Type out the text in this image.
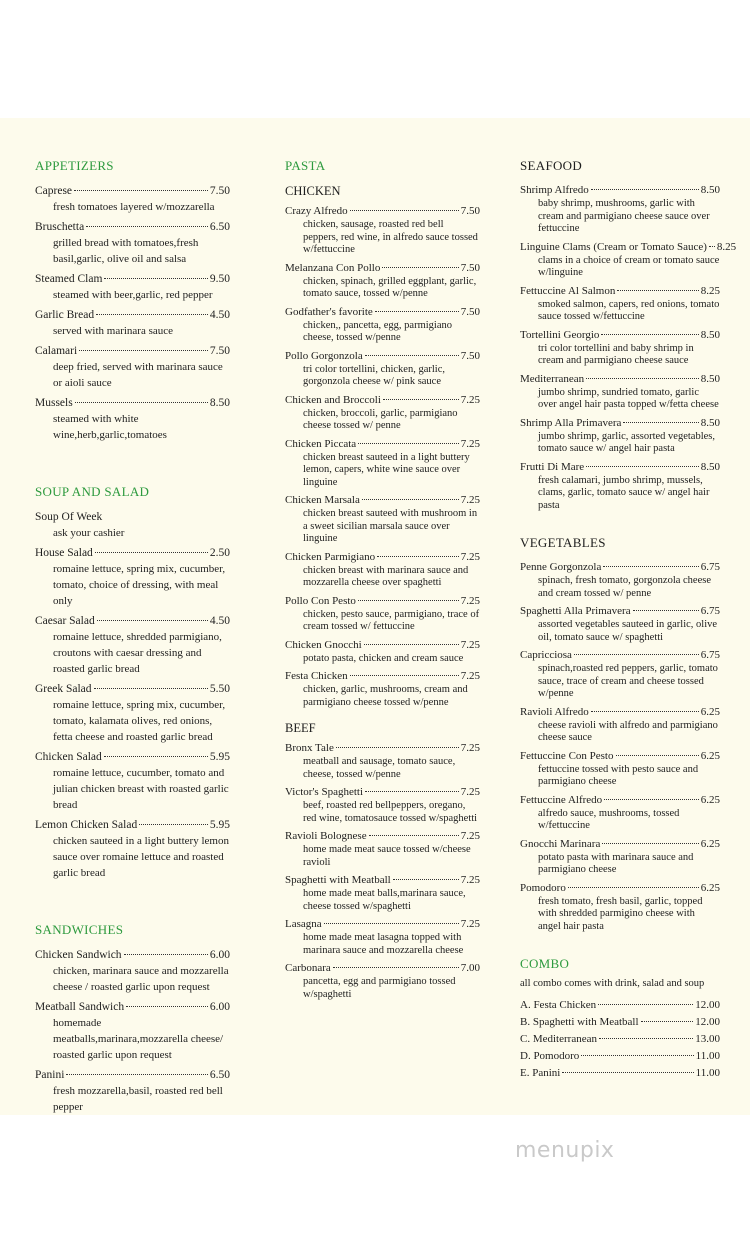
APPETIZERS
Caprese	7.50
fresh tomatoes layered w/mozzarella
Bruschetta	6.50
grilled bread with tomatoes,fresh basil,garlic, olive oil and salsa
Steamed Clam	9.50
steamed with beer,garlic, red pepper
Garlic Bread	4.50
served with marinara sauce
Calamari	7.50
deep fried, served with marinara sauce or aioli sauce
Mussels	8.50
steamed with white wine,herb,garlic,tomatoes
SOUP AND SALAD
Soup Of Week
ask your cashier
House Salad	2.50
romaine lettuce, spring mix, cucumber, tomato, choice of dressing, with meal only
Caesar Salad	4.50
romaine lettuce, shredded parmigiano, croutons with caesar dressing and roasted garlic bread
Greek Salad	5.50
romaine lettuce, spring mix, cucumber, tomato, kalamata olives, red onions, fetta cheese and roasted garlic bread
Chicken Salad	5.95
romaine lettuce, cucumber, tomato and julian chicken breast with roasted garlic bread
Lemon Chicken Salad	5.95
chicken sauteed in a light buttery lemon sauce over romaine lettuce and roasted garlic bread
SANDWICHES
Chicken Sandwich	6.00
chicken, marinara sauce and mozzarella cheese / roasted garlic upon request
Meatball Sandwich	6.00
homemade meatballs,marinara,mozzarella cheese/ roasted garlic upon request
Panini	6.50
fresh mozzarella,basil, roasted red bell pepper
PASTA
CHICKEN
Crazy Alfredo	7.50
chicken, sausage, roasted red bell peppers, red wine, in alfredo sauce tossed w/fettuccine
Melanzana Con Pollo	7.50
chicken, spinach, grilled eggplant, garlic, tomato sauce, tossed w/penne
Godfather's favorite	7.50
chicken,, pancetta, egg, parmigiano cheese, tossed w/penne
Pollo Gorgonzola	7.50
tri color tortellini, chicken, garlic, gorgonzola cheese w/ pink sauce
Chicken and Broccoli	7.25
chicken, broccoli, garlic, parmigiano cheese tossed w/ penne
Chicken Piccata	7.25
chicken breast sauteed in a light buttery lemon, capers, white wine sauce over linguine
Chicken Marsala	7.25
chicken breast sauteed with mushroom in a sweet sicilian marsala sauce over linguine
Chicken Parmigiano	7.25
chicken breast with marinara sauce and mozzarella cheese over spaghetti
Pollo Con Pesto	7.25
chicken, pesto sauce, parmigiano, trace of cream tossed w/ fettuccine
Chicken Gnocchi	7.25
potato pasta, chicken and cream sauce
Festa Chicken	7.25
chicken, garlic, mushrooms, cream and parmigiano cheese tossed w/penne
BEEF
Bronx Tale	7.25
meatball and sausage, tomato sauce, cheese, tossed w/penne
Victor's Spaghetti	7.25
beef, roasted red bellpeppers, oregano, red wine, tomatosauce tossed w/spaghetti
Ravioli Bolognese	7.25
home made meat sauce tossed w/cheese ravioli
Spaghetti with Meatball	7.25
home made meat balls,marinara sauce, cheese tossed w/spaghetti
Lasagna	7.25
home made meat lasagna topped with marinara sauce and mozzarella cheese
Carbonara	7.00
pancetta, egg and parmigiano tossed w/spaghetti
SEAFOOD
Shrimp Alfredo	8.50
baby shrimp, mushrooms, garlic with cream and parmigiano cheese sauce over fettuccine
Linguine Clams (Cream or Tomato Sauce) 8.25
clams in a choice of cream or tomato sauce w/linguine
Fettuccine Al Salmon	8.25
smoked salmon, capers, red onions, tomato sauce tossed w/fettuccine
Tortellini Georgio	8.50
tri color tortellini and baby shrimp in cream and parmigiano cheese sauce
Mediterranean	8.50
jumbo shrimp, sundried tomato, garlic over angel hair pasta topped w/fetta cheese
Shrimp Alla Primavera	8.50
jumbo shrimp, garlic, assorted vegetables, tomato sauce w/ angel hair pasta
Frutti Di Mare	8.50
fresh calamari, jumbo shrimp, mussels, clams, garlic, tomato sauce w/ angel hair pasta
VEGETABLES
Penne Gorgonzola	6.75
spinach, fresh tomato, gorgonzola cheese and cream tossed w/ penne
Spaghetti Alla Primavera	6.75
assorted vegetables sauteed in garlic, olive oil, tomato sauce w/ spaghetti
Capricciosa	6.75
spinach,roasted red peppers, garlic, tomato sauce, trace of cream and cheese tossed w/penne
Ravioli Alfredo	6.25
cheese ravioli with alfredo and parmigiano cheese sauce
Fettuccine Con Pesto	6.25
fettuccine tossed with pesto sauce and parmigiano cheese
Fettuccine Alfredo	6.25
alfredo sauce, mushrooms, tossed w/fettuccine
Gnocchi Marinara	6.25
potato pasta with marinara sauce and parmigiano cheese
Pomodoro	6.25
fresh tomato, fresh basil, garlic, topped with shredded parmigino cheese with angel hair pasta
COMBO
all combo comes with drink, salad and soup
A. Festa Chicken	12.00
B. Spaghetti with Meatball	12.00
C. Mediterranean	13.00
D. Pomodoro	11.00
E. Panini	11.00
menupix
